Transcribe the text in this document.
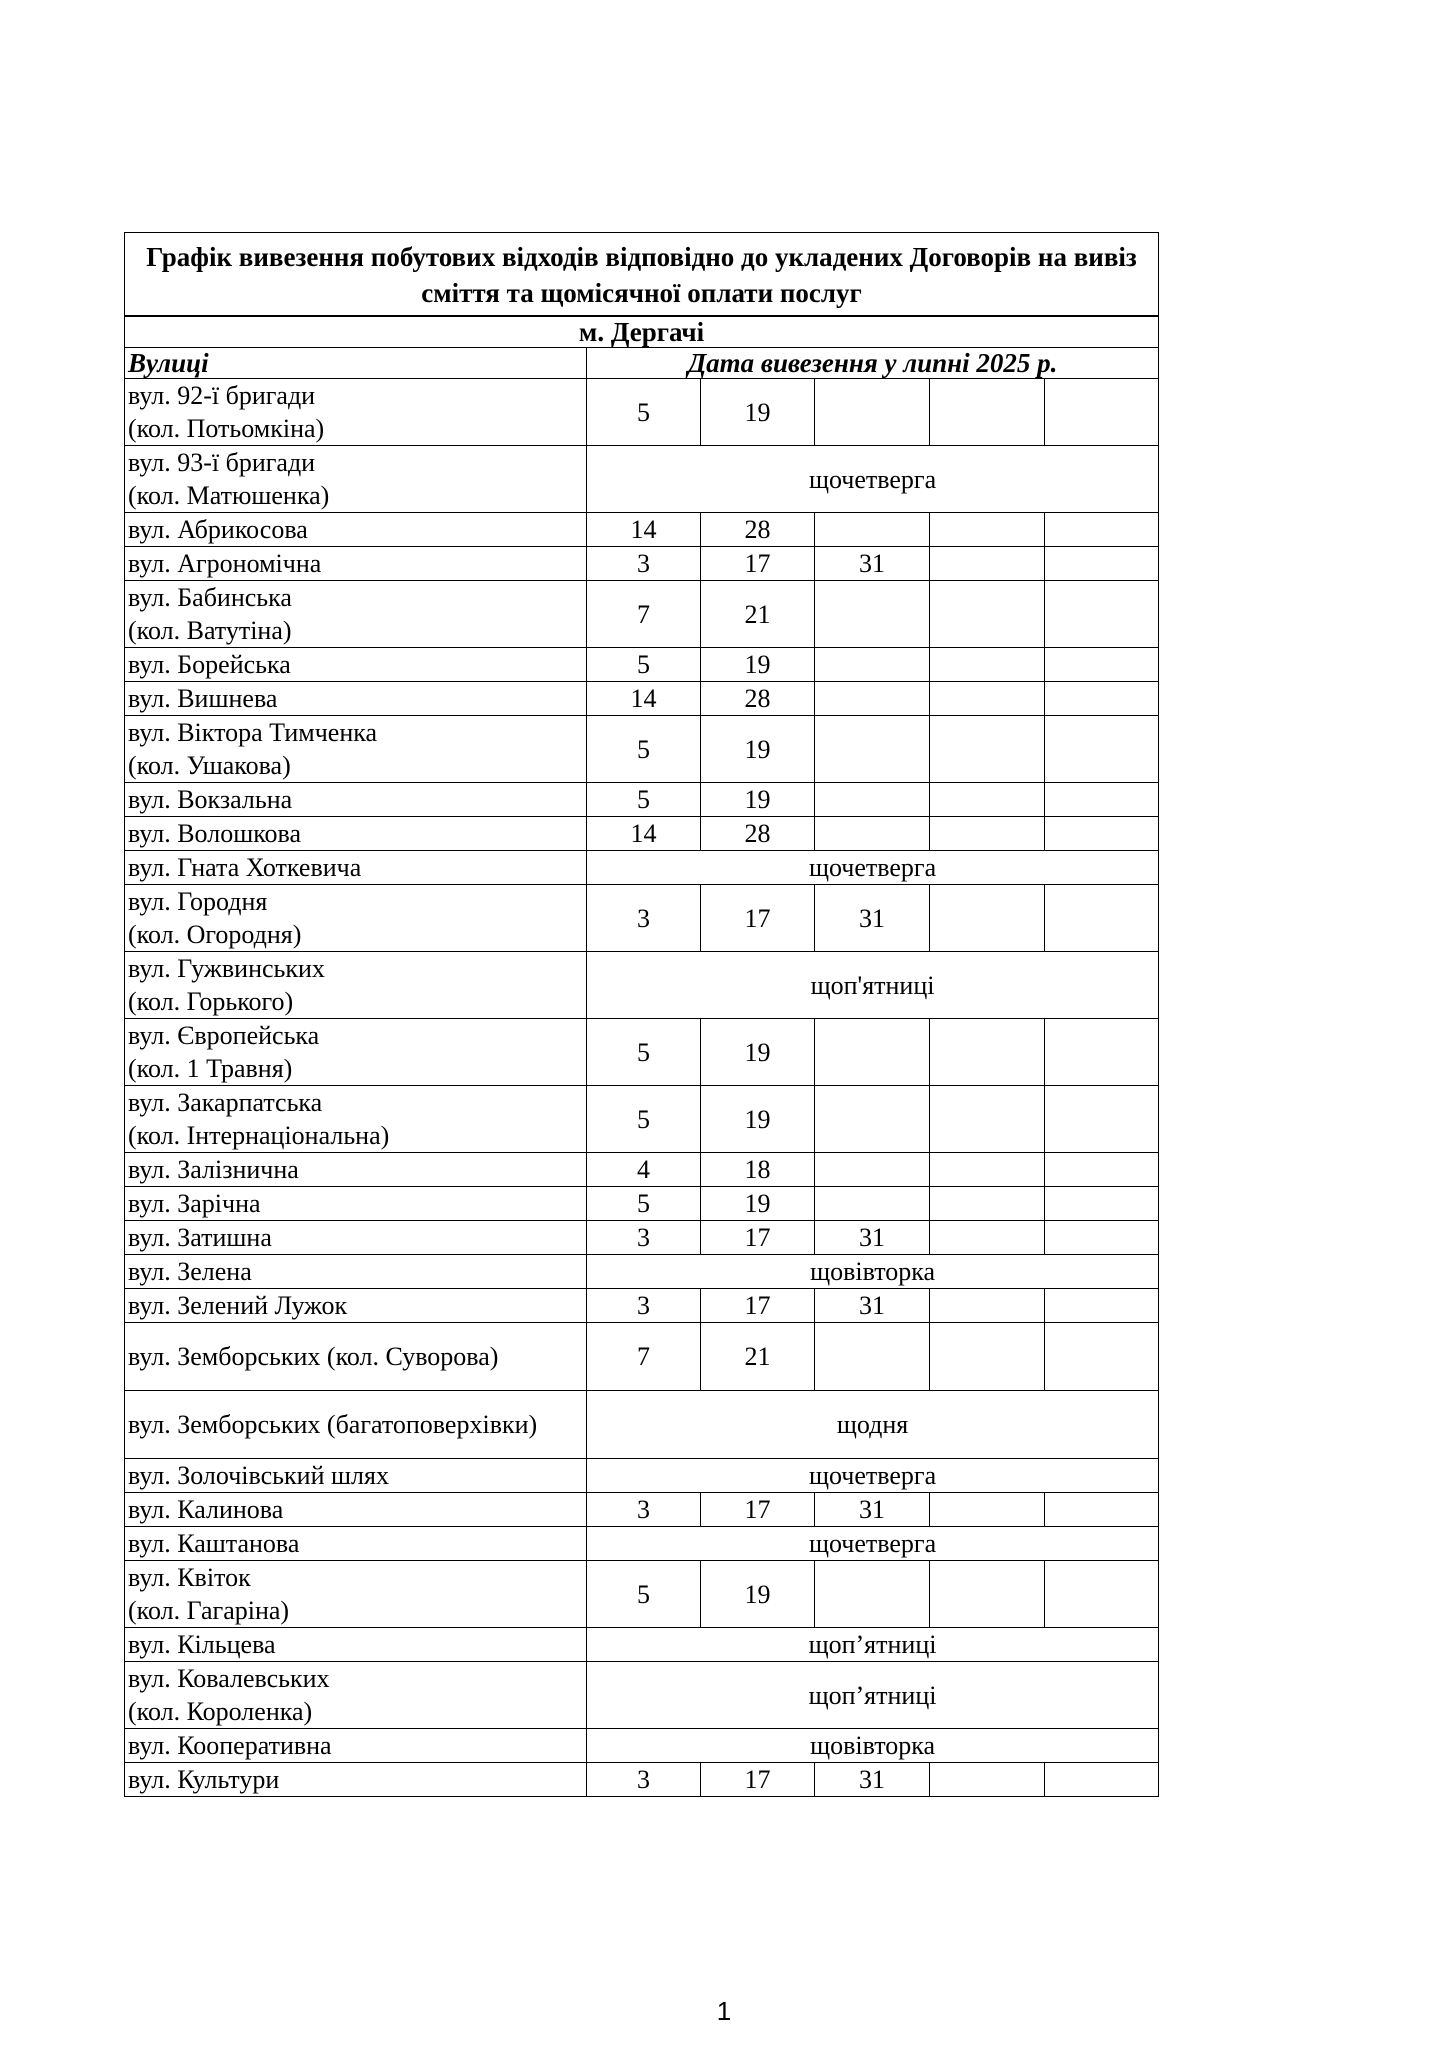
Графік вивезення побутових відходів відповідно до укладених Договорів на вивіз сміття та щомісячної оплати послуг					
м. Дергачі					
Вулиці	Дата вивезення у липні 2025 р.				

вул. 92-ї бригади
(кол. Потьомкіна)	5	19			

вул. 93-ї бригади
(кол. Матюшенка)	щочетверга				

вул. Абрикосова	14	28			

вул. Агрономічна	3	17	31		

вул. Бабинська
(кол. Ватутіна)	7	21			

вул. Борейська	5	19			

вул. Вишнева	14	28			

вул. Віктора Тимченка
(кол. Ушакова)	5	19			

вул. Вокзальна	5	19			

вул. Волошкова	14	28			

вул. Гната Хоткевича	щочетверга				

вул. Городня
(кол. Огородня)	3	17	31		

вул. Гужвинських
(кол. Горького)	щоп'ятниці				

вул. Європейська
(кол. 1 Травня)	5	19			

вул. Закарпатська
(кол. Інтернаціональна)	5	19			

вул. Залізнична	4	18			

вул. Зарічна	5	19			

вул. Затишна	3	17	31		

вул. Зелена	щовівторка				

вул. Зелений Лужок	3	17	31		

вул. Земборських (кол. Суворова)	7	21			

вул. Земборських (багатоповерхівки)	щодня				

вул. Золочівський шлях	щочетверга				

вул. Калинова	3	17	31		

вул. Каштанова	щочетверга				

вул. Квіток
(кол. Гагаріна)	5	19			

вул. Кільцева	щоп’ятниці				

вул. Ковалевських
(кол. Короленка)	щоп’ятниці				

вул. Кооперативна	щовівторка				

вул. Культури	3	17	31		
1
